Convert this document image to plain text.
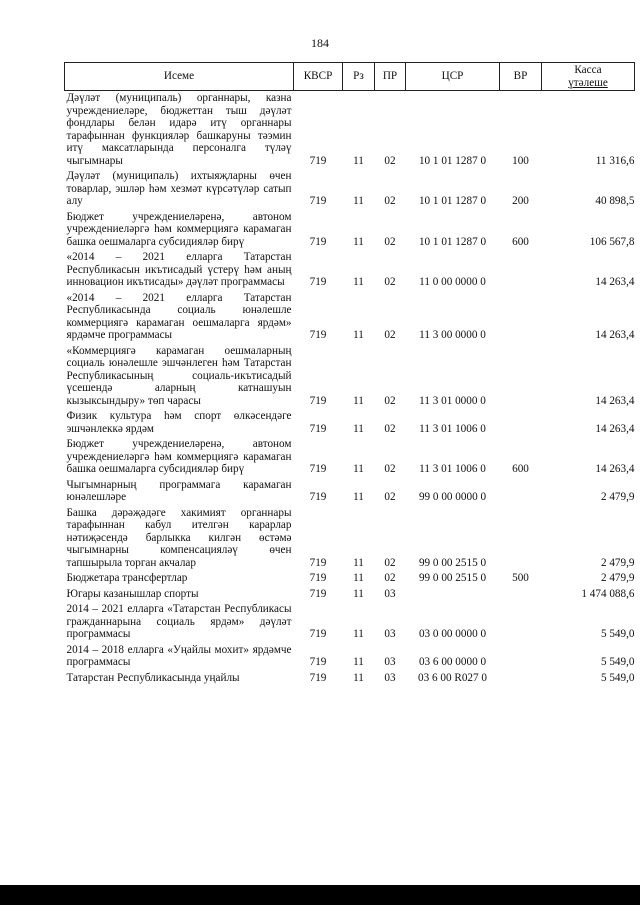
184
Исеме	КВСР	Рз	ПР	ЦСР	ВР	Касса
үтәлеше

Дәүләт (муниципаль) органнары, казна учреждениеләре, бюджеттан тыш дәүләт фондлары белән идарә итү органнары тарафыннан функцияләр башкаруны тәэмин итү максатларында персоналга түләү чыгымнары	719	11	02	10 1 01 1287 0	100	11 316,6
Дәүләт (муниципаль) ихтыяҗларны өчен товарлар, эшләр һәм хезмәт күрсәтүләр сатып алу	719	11	02	10 1 01 1287 0	200	40 898,5
Бюджет учреждениеләренә, автоном учреждениеләргә һәм коммерциягә карамаган башка оешмаларга субсидияләр бирү	719	11	02	10 1 01 1287 0	600	106 567,8
«2014 – 2021 елларга Татарстан Республикасын икътисадый үстерү һәм аның инновацион икътисады» дәүләт программасы	719	11	02	11 0 00 0000 0		14 263,4
«2014 – 2021 елларга Татарстан Республикасында социаль юнәлешле коммерциягә карамаган оешмаларга ярдәм» ярдәмче программасы	719	11	02	11 3 00 0000 0		14 263,4
«Коммерциягә карамаган оешмаларның социаль юнәлешле эшчәнлеген һәм Татарстан Республикасының социаль-икътисадый үсешендә аларның катнашуын кызыксындыру» төп чарасы	719	11	02	11 3 01 0000 0		14 263,4
Физик культура һәм спорт өлкәсендәге эшчәнлеккә ярдәм	719	11	02	11 3 01 1006 0		14 263,4
Бюджет учреждениеләренә, автоном учреждениеләргә һәм коммерциягә карамаган башка оешмаларга субсидияләр бирү	719	11	02	11 3 01 1006 0	600	14 263,4
Чыгымнарның программага карамаган юнәлешләре	719	11	02	99 0 00 0000 0		2 479,9
Башка дәрәҗәдәге хакимият органнары тарафыннан кабул ителгән карарлар нәтиҗәсендә барлыкка килгән өстәмә чыгымнарны компенсацияләү өчен тапшырыла торган акчалар	719	11	02	99 0 00 2515 0		2 479,9
Бюджетара трансфертлар	719	11	02	99 0 00 2515 0	500	2 479,9
Югары казанышлар спорты	719	11	03			1 474 088,6
2014 – 2021 елларга «Татарстан Республикасы гражданнарына социаль ярдәм» дәүләт программасы	719	11	03	03 0 00 0000 0		5 549,0
2014 – 2018 елларга «Уңайлы мохит» ярдәмче программасы	719	11	03	03 6 00 0000 0		5 549,0
Татарстан Республикасында уңайлы	719	11	03	03 6 00 R027 0		5 549,0
